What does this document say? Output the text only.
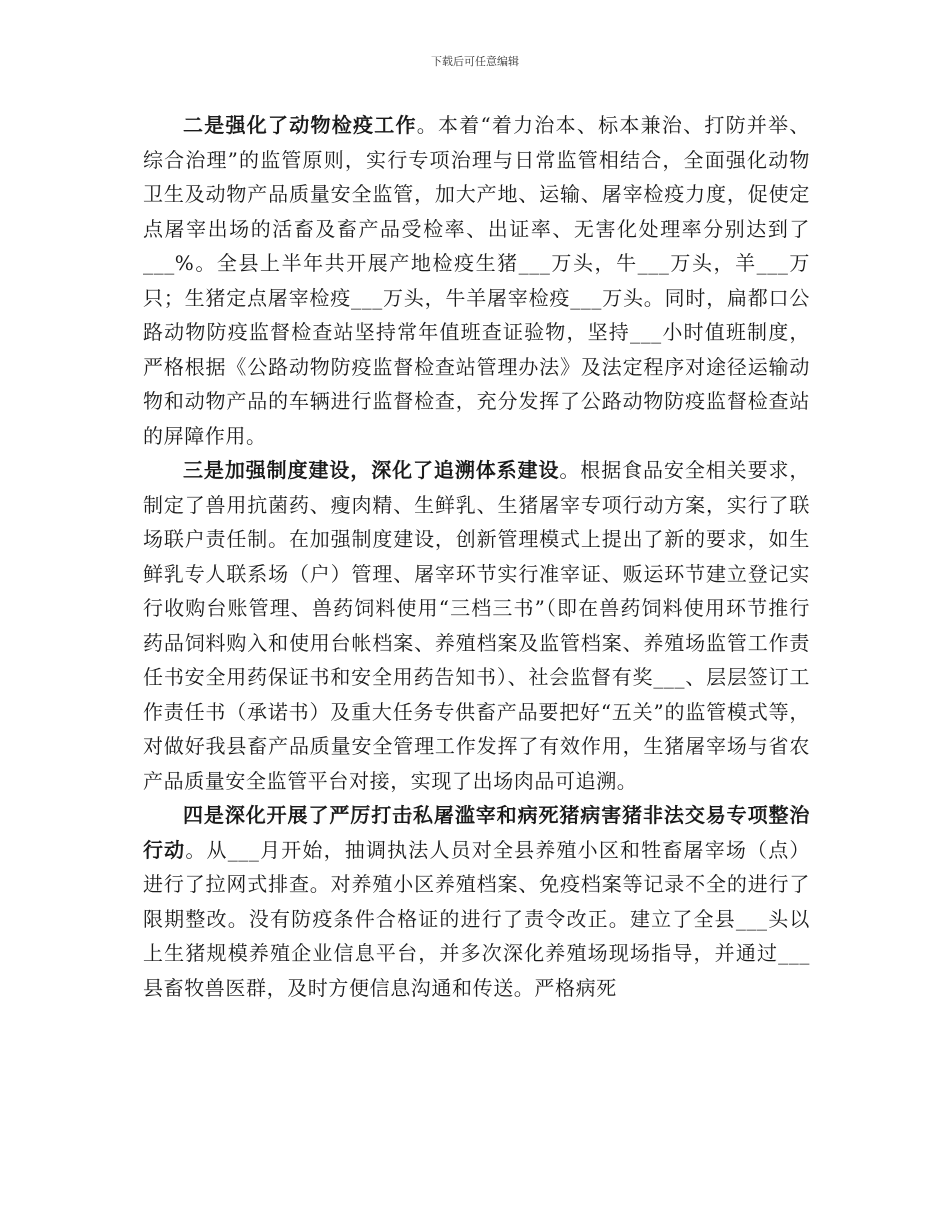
下载后可任意编辑

二是强化了动物检疫工作。本着“着力治本、标本兼治、打防并举、综合治理”的监管原则，实行专项治理与日常监管相结合，全面强化动物卫生及动物产品质量安全监管，加大产地、运输、屠宰检疫力度，促使定点屠宰出场的活畜及畜产品受检率、出证率、无害化处理率分别达到了___%。全县上半年共开展产地检疫生猪___万头，牛___万头，羊___万只；生猪定点屠宰检疫___万头，牛羊屠宰检疫___万头。同时，扁都口公路动物防疫监督检查站坚持常年值班查证验物，坚持___小时值班制度，严格根据《公路动物防疫监督检查站管理办法》及法定程序对途径运输动物和动物产品的车辆进行监督检查，充分发挥了公路动物防疫监督检查站的屏障作用。

三是加强制度建设，深化了追溯体系建设。根据食品安全相关要求，制定了兽用抗菌药、瘦肉精、生鲜乳、生猪屠宰专项行动方案，实行了联场联户责任制。在加强制度建设，创新管理模式上提出了新的要求，如生鲜乳专人联系场（户）管理、屠宰环节实行准宰证、贩运环节建立登记实行收购台账管理、兽药饲料使用“三档三书”（即在兽药饲料使用环节推行药品饲料购入和使用台帐档案、养殖档案及监管档案、养殖场监管工作责任书安全用药保证书和安全用药告知书）、社会监督有奖___、层层签订工作责任书（承诺书）及重大任务专供畜产品要把好“五关”的监管模式等，对做好我县畜产品质量安全管理工作发挥了有效作用，生猪屠宰场与省农产品质量安全监管平台对接，实现了出场肉品可追溯。

四是深化开展了严厉打击私屠滥宰和病死猪病害猪非法交易专项整治行动。从___月开始，抽调执法人员对全县养殖小区和牲畜屠宰场（点）进行了拉网式排查。对养殖小区养殖档案、免疫档案等记录不全的进行了限期整改。没有防疫条件合格证的进行了责令改正。建立了全县___头以上生猪规模养殖企业信息平台，并多次深化养殖场现场指导，并通过___县畜牧兽医群，及时方便信息沟通和传送。严格病死
